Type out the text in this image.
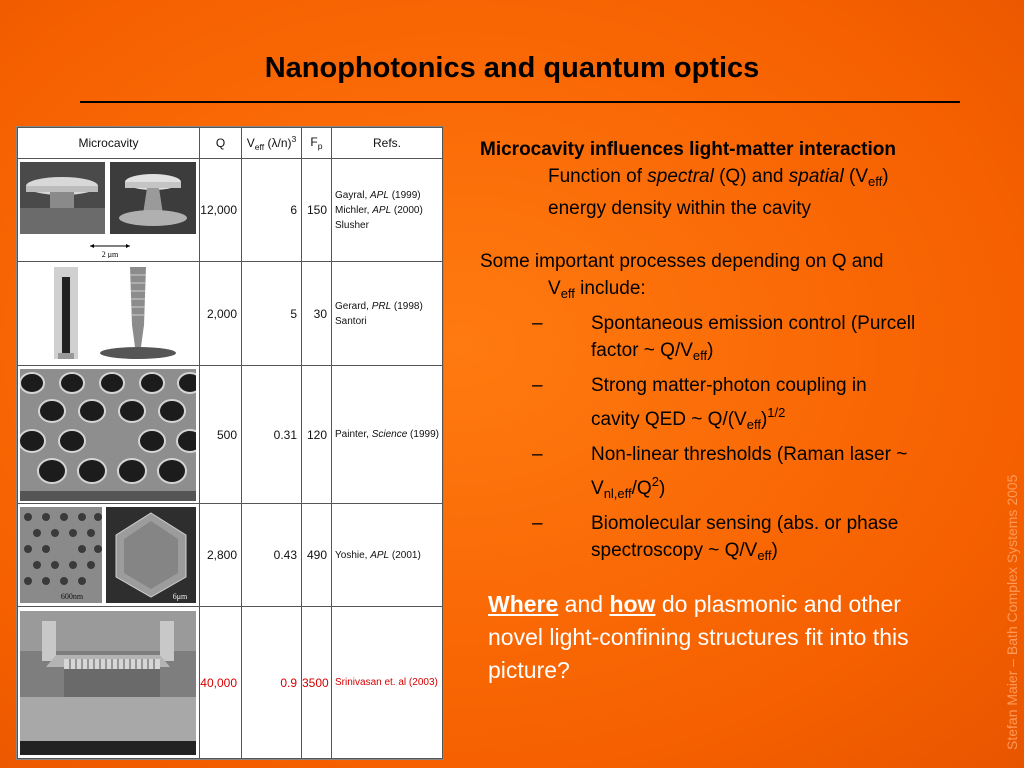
Nanophotonics and quantum optics
Microcavity	Q	$V_{eff}$ $(\lambda/n)^3$	$F_p$	Refs.

2 μm	12,000	6	150	Gayral, APL (1999)
Michler, APL (2000)
Slusher

	2,000	5	30	Gerard, PRL (1998)
Santori

	500	0.31	120	Painter, Science (1999)

600nm 6μm	2,800	0.43	490	Yoshie, APL (2001)

	40,000	0.9	3500	Srinivasan et. al (2003)

Microcavity influences light-matter interaction

Function of spectral (Q) and spatial $(V_{eff})$

energy density within the cavity

Some important processes depending on Q and

$V_{eff}$ include:

–	Spontaneous emission control (Purcell
factor ~ $Q/V_{eff}$)
–	Strong matter-photon coupling in
cavity QED ~ $Q/(V_{eff})^{1/2}$
–	Non-linear thresholds (Raman laser ~
$V_{nl,eff}/Q^2$)
–	Biomolecular sensing (abs. or phase
spectroscopy ~ $Q/V_{eff}$)
Where and how do plasmonic and other novel light-confining structures fit into this picture?	Stefan Maier – Bath Complex Systems 2005
